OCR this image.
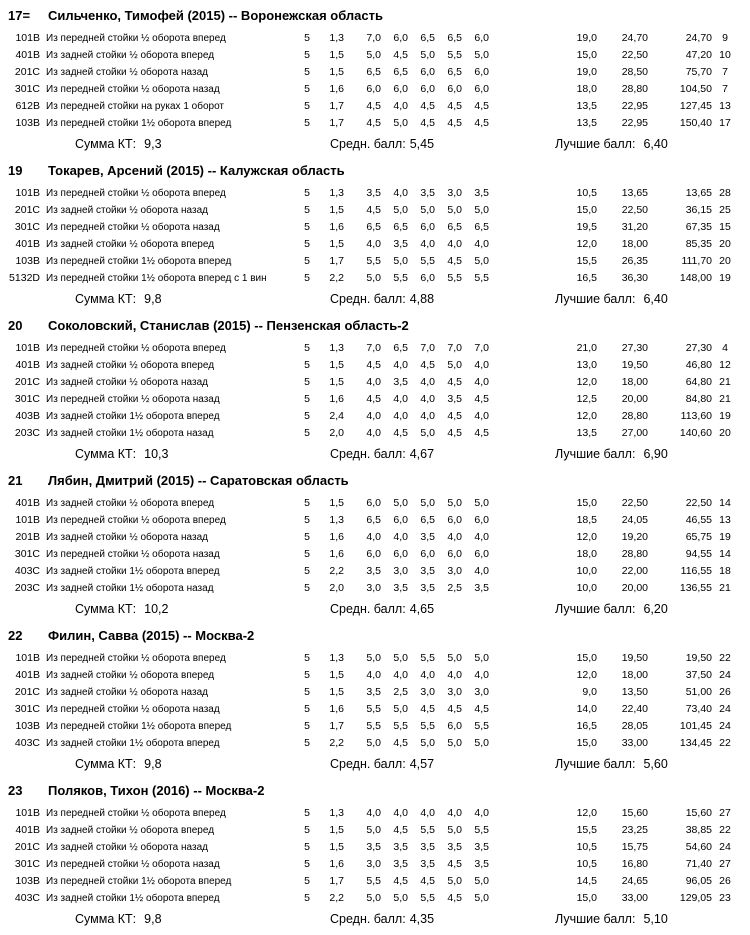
17=	Сильченко, Тимофей (2015) -- Воронежская область
101B Из передней стойки ½ оборота вперед	5	1,3	7,0	6,0	6,5	6,5	6,0	19,0	24,70	24,70 9
401B Из задней стойки ½ оборота вперед	5	1,5	5,0	4,5	5,0	5,5	5,0	15,0	22,50	47,20 10
201C Из задней стойки ½ оборота назад	5	1,5	6,5	6,5	6,0	6,5	6,0	19,0	28,50	75,70 7
301C Из передней стойки ½ оборота назад	5	1,6	6,0	6,0	6,0	6,0	6,0	18,0	28,80	104,50 7
612B Из передней стойки на руках 1 оборот	5	1,7	4,5	4,0	4,5	4,5	4,5	13,5	22,95	127,45 13
103B Из передней стойки 1½ оборота вперед	5	1,7	4,5	5,0	4,5	4,5	4,5	13,5	22,95	150,40 17
Сумма КТ: 9,3	Средн. балл: 5,45	Лучшие балл: 6,40
19	Токарев, Арсений (2015) -- Калужская область
101B Из передней стойки ½ оборота вперед	5	1,3	3,5	4,0	3,5	3,0	3,5	10,5	13,65	13,65 28
201C Из задней стойки ½ оборота назад	5	1,5	4,5	5,0	5,0	5,0	5,0	15,0	22,50	36,15 25
301C Из передней стойки ½ оборота назад	5	1,6	6,5	6,5	6,0	6,5	6,5	19,5	31,20	67,35 15
401B Из задней стойки ½ оборота вперед	5	1,5	4,0	3,5	4,0	4,0	4,0	12,0	18,00	85,35 20
103B Из передней стойки 1½ оборота вперед	5	1,7	5,5	5,0	5,5	4,5	5,0	15,5	26,35	111,70 20
5132D Из передней стойки 1½ оборота вперед с 1 вин	5	2,2	5,0	5,5	6,0	5,5	5,5	16,5	36,30	148,00 19
Сумма КТ: 9,8	Средн. балл: 4,88	Лучшие балл: 6,40
20	Соколовский, Станислав (2015) -- Пензенская область-2
101B Из передней стойки ½ оборота вперед	5	1,3	7,0	6,5	7,0	7,0	7,0	21,0	27,30	27,30 4
401B Из задней стойки ½ оборота вперед	5	1,5	4,5	4,0	4,5	5,0	4,0	13,0	19,50	46,80 12
201C Из задней стойки ½ оборота назад	5	1,5	4,0	3,5	4,0	4,5	4,0	12,0	18,00	64,80 21
301C Из передней стойки ½ оборота назад	5	1,6	4,5	4,0	4,0	3,5	4,5	12,5	20,00	84,80 21
403B Из задней стойки 1½ оборота вперед	5	2,4	4,0	4,0	4,0	4,5	4,0	12,0	28,80	113,60 19
203C Из задней стойки 1½ оборота назад	5	2,0	4,0	4,5	5,0	4,5	4,5	13,5	27,00	140,60 20
Сумма КТ: 10,3	Средн. балл: 4,67	Лучшие балл: 6,90
21	Лябин, Дмитрий (2015) -- Саратовская область
401B Из задней стойки ½ оборота вперед	5	1,5	6,0	5,0	5,0	5,0	5,0	15,0	22,50	22,50 14
101B Из передней стойки ½ оборота вперед	5	1,3	6,5	6,0	6,5	6,0	6,0	18,5	24,05	46,55 13
201B Из задней стойки ½ оборота назад	5	1,6	4,0	4,0	3,5	4,0	4,0	12,0	19,20	65,75 19
301C Из передней стойки ½ оборота назад	5	1,6	6,0	6,0	6,0	6,0	6,0	18,0	28,80	94,55 14
403C Из задней стойки 1½ оборота вперед	5	2,2	3,5	3,0	3,5	3,0	4,0	10,0	22,00	116,55 18
203C Из задней стойки 1½ оборота назад	5	2,0	3,0	3,5	3,5	2,5	3,5	10,0	20,00	136,55 21
Сумма КТ: 10,2	Средн. балл: 4,65	Лучшие балл: 6,20
22	Филин, Савва (2015) -- Москва-2
101B Из передней стойки ½ оборота вперед	5	1,3	5,0	5,0	5,5	5,0	5,0	15,0	19,50	19,50 22
401B Из задней стойки ½ оборота вперед	5	1,5	4,0	4,0	4,0	4,0	4,0	12,0	18,00	37,50 24
201C Из задней стойки ½ оборота назад	5	1,5	3,5	2,5	3,0	3,0	3,0	9,0	13,50	51,00 26
301C Из передней стойки ½ оборота назад	5	1,6	5,5	5,0	4,5	4,5	4,5	14,0	22,40	73,40 24
103B Из передней стойки 1½ оборота вперед	5	1,7	5,5	5,5	5,5	6,0	5,5	16,5	28,05	101,45 24
403C Из задней стойки 1½ оборота вперед	5	2,2	5,0	4,5	5,0	5,0	5,0	15,0	33,00	134,45 22
Сумма КТ: 9,8	Средн. балл: 4,57	Лучшие балл: 5,60
23	Поляков, Тихон (2016) -- Москва-2
101B Из передней стойки ½ оборота вперед	5	1,3	4,0	4,0	4,0	4,0	4,0	12,0	15,60	15,60 27
401B Из задней стойки ½ оборота вперед	5	1,5	5,0	4,5	5,5	5,0	5,5	15,5	23,25	38,85 22
201C Из задней стойки ½ оборота назад	5	1,5	3,5	3,5	3,5	3,5	3,5	10,5	15,75	54,60 24
301C Из передней стойки ½ оборота назад	5	1,6	3,0	3,5	3,5	4,5	3,5	10,5	16,80	71,40 27
103B Из передней стойки 1½ оборота вперед	5	1,7	5,5	4,5	4,5	5,0	5,0	14,5	24,65	96,05 26
403C Из задней стойки 1½ оборота вперед	5	2,2	5,0	5,0	5,5	4,5	5,0	15,0	33,00	129,05 23
Сумма КТ: 9,8	Средн. балл: 4,35	Лучшие балл: 5,10
